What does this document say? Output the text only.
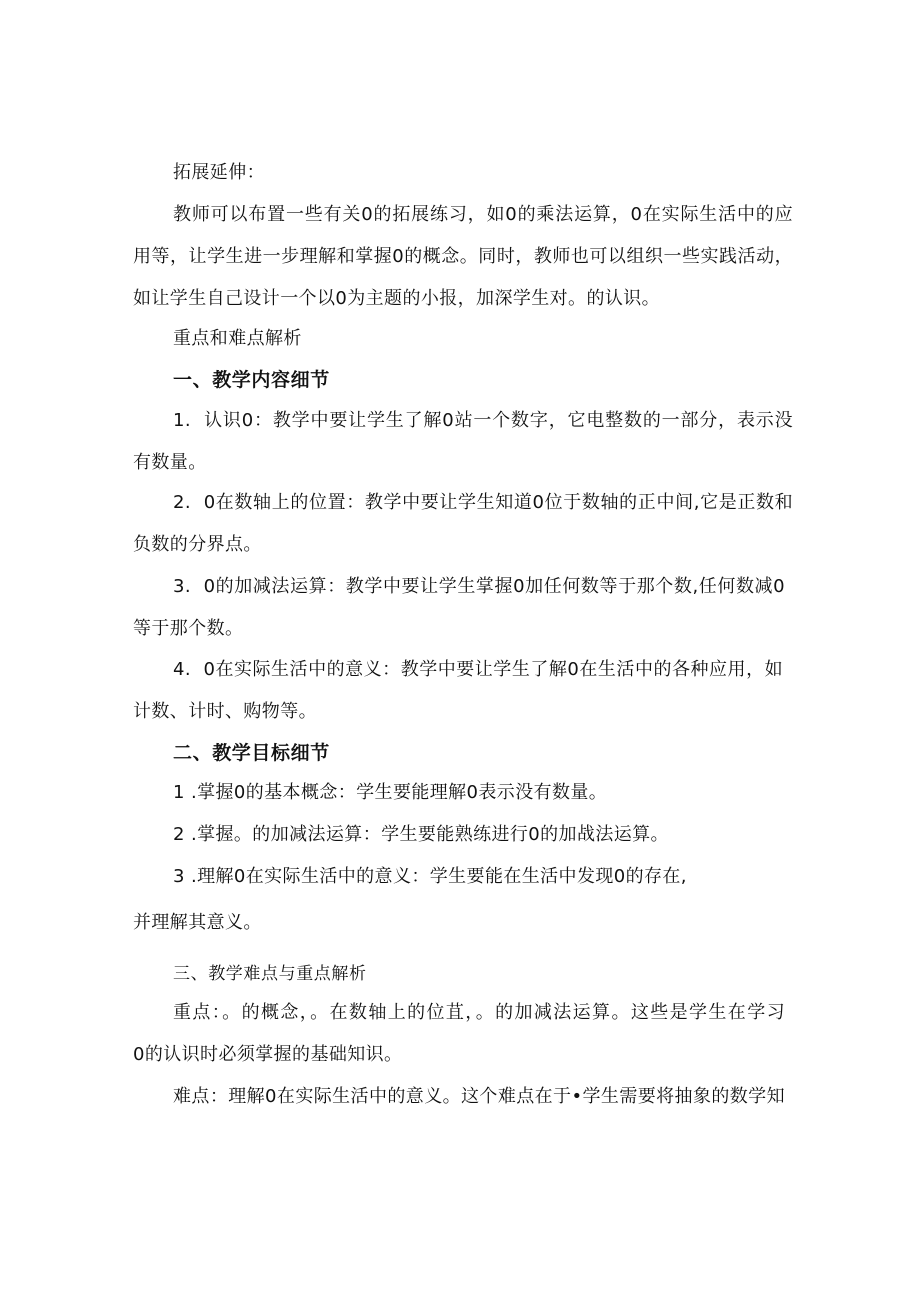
拓展延伸：
教师可以布置一些有关0的拓展练习，如0的乘法运算，0在实际生活中的应
用等，让学生进一步理解和掌握0的概念。同时，教师也可以组织一些实践活动，
如让学生自己设计一个以0为主题的小报，加深学生对。的认识。
重点和难点解析
一、教学内容细节
1. 认识0：教学中要让学生了解0站一个数字，它电整数的一部分，表示没
有数量。
2. 0在数轴上的位置：教学中要让学生知道0位于数轴的正中间,它是正数和
负数的分界点。
3. 0的加减法运算：教学中要让学生掌握0加任何数等于那个数,任何数减0
等于那个数。
4. 0在实际生活中的意义：教学中要让学生了解0在生活中的各种应用，如
计数、计时、购物等。
二、教学目标细节
1 .掌握0的基本概念：学生要能理解0表示没有数量。
2 .掌握。的加减法运算：学生要能熟练进行0的加战法运算。
3 .理解0在实际生活中的意义：学生要能在生活中发现0的存在,
并理解其意义。
三、教学难点与重点解析
重点：。的概念，。在数轴上的位苴，。的加减法运算。这些是学生在学习
0的认识时必须掌握的基础知识。
难点：理解0在实际生活中的意义。这个难点在于•学生需要将抽象的数学知
